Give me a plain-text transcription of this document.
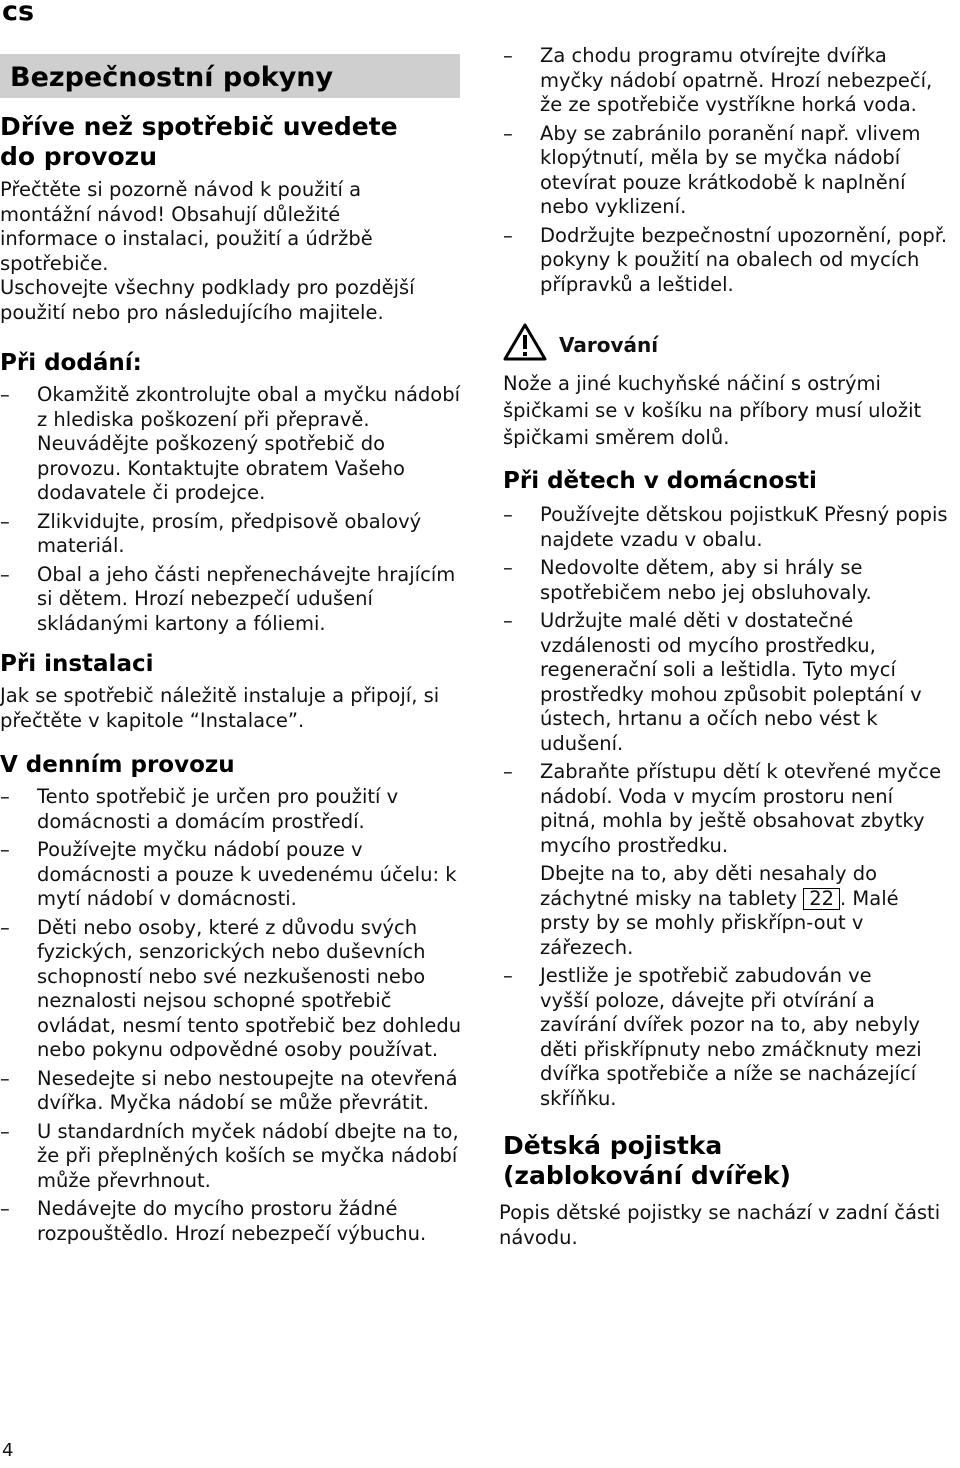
cs
Bezpečnostní pokyny
Dříve než spotřebič uvedete do provozu

Přečtěte si pozorně návod k použití a montážní návod! Obsahují důležité informace o instalaci, použití a údržbě spotřebiče.

Uschovejte všechny podklady pro pozdější použití nebo pro následujícího majitele.

Při dodání:
– Okamžitě zkontrolujte obal a myčku nádobí z hlediska poškození při přepravě. Neuvádějte poškozený spotřebič do provozu. Kontaktujte obratem Vašeho dodavatele či prodejce.
– Zlikvidujte, prosím, předpisově obalový materiál.
– Obal a jeho části nepřenechávejte hrajícím si dětem. Hrozí nebezpečí udušení skládanými kartony a fóliemi.
Při instalaci

Jak se spotřebič náležitě instaluje a připojí, si přečtěte v kapitole “Instalace”.

V denním provozu
– Tento spotřebič je určen pro použití v domácnosti a domácím prostředí.
– Používejte myčku nádobí pouze v domácnosti a pouze k uvedenému účelu: k mytí nádobí v domácnosti.
– Děti nebo osoby, které z důvodu svých fyzických, senzorických nebo duševních schopností nebo své nezkušenosti nebo neznalosti nejsou schopné spotřebič ovládat, nesmí tento spotřebič bez dohledu nebo pokynu odpovědné osoby používat.
– Nesedejte si nebo nestoupejte na otevřená dvířka. Myčka nádobí se může převrátit.
– U standardních myček nádobí dbejte na to, že při přeplněných koších se myčka nádobí může převrhnout.
– Nedávejte do mycího prostoru žádné rozpouštědlo. Hrozí nebezpečí výbuchu.
– Za chodu programu otvírejte dvířka myčky nádobí opatrně. Hrozí nebezpečí, že ze spotřebiče vystříkne horká voda.
– Aby se zabránilo poranění např. vlivem klopýtnutí, měla by se myčka nádobí otevírat pouze krátkodobě k naplnění nebo vyklizení.
– Dodržujte bezpečnostní upozornění, popř. pokyny k použití na obalech od mycích přípravků a leštidel.
Varování

Nože a jiné kuchyňské náčiní s ostrými špičkami se v košíku na příbory musí uložit špičkami směrem dolů.

Při dětech v domácnosti
– Používejte dětskou pojistkuK Přesný popis najdete vzadu v obalu.
– Nedovolte dětem, aby si hrály se spotřebičem nebo jej obsluhovaly.
– Udržujte malé děti v dostatečné vzdálenosti od mycího prostředku, regenerační soli a leštidla. Tyto mycí prostředky mohou způsobit poleptání v ústech, hrtanu a očích nebo vést k udušení.
– Zabraňte přístupu dětí k otevřené myčce nádobí. Voda v mycím prostoru není pitná, mohla by ještě obsahovat zbytky mycího prostředku.

Dbejte na to, aby děti nesahaly do záchytné misky na tablety 22 . Malé prsty by se mohly přiskřípn-out v zářezech.

– Jestliže je spotřebič zabudován ve vyšší poloze, dávejte při otvírání a zavírání dvířek pozor na to, aby nebyly děti přiskřípnuty nebo zmáčknuty mezi dvířka spotřebiče a níže se nacházející skříňku.
Dětská pojistka (zablokování dvířek)

Popis dětské pojistky se nachází v zadní části návodu.

4
